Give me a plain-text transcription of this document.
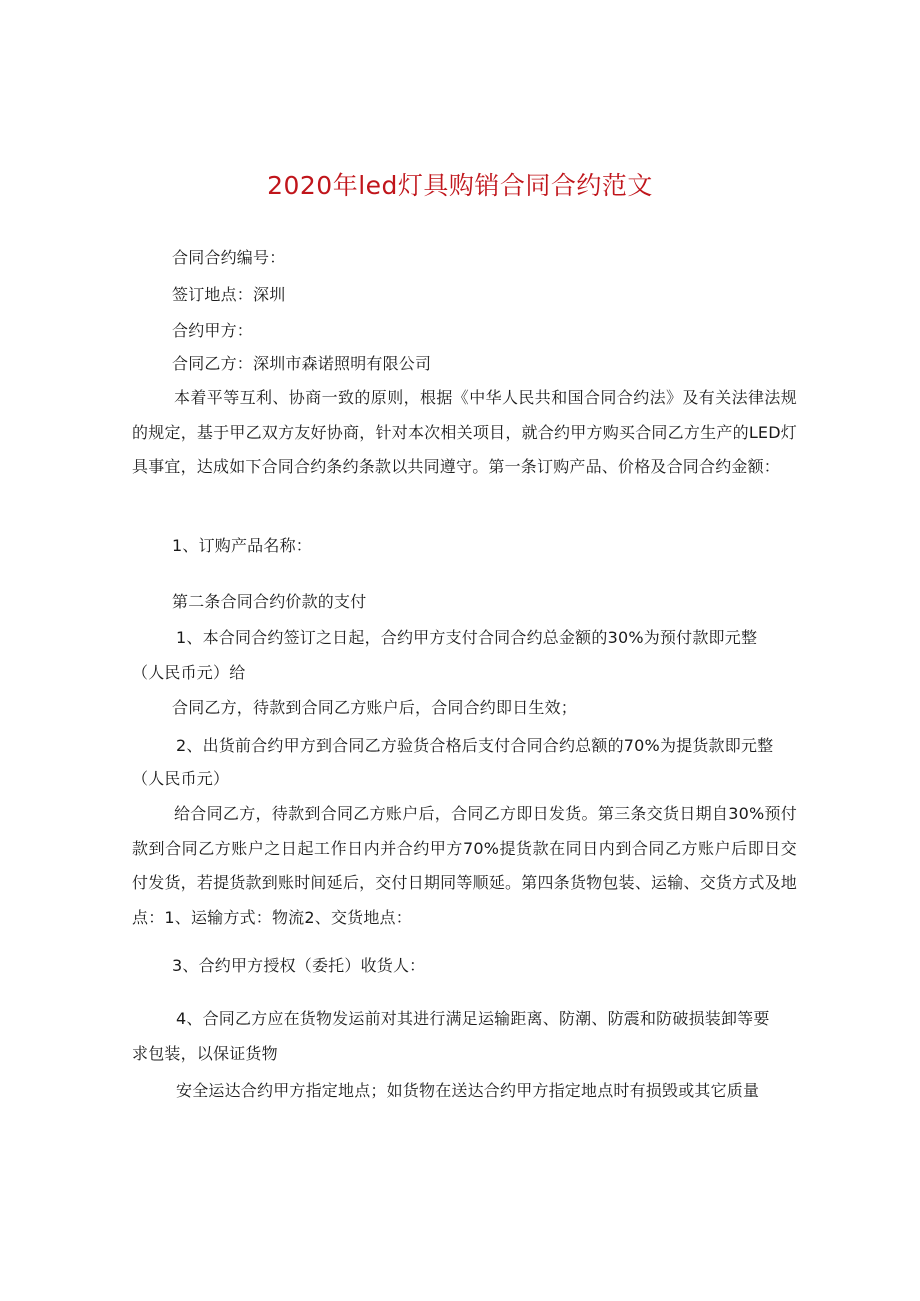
2020年led灯具购销合同合约范文
合同合约编号：
签订地点：深圳
合约甲方：
合同乙方：深圳市森诺照明有限公司
本着平等互利、协商一致的原则，根据《中华人民共和国合同合约法》及有关法律法规的规定，基于甲乙双方友好协商，针对本次相关项目，就合约甲方购买合同乙方生产的LED灯具事宜，达成如下合同合约条约条款以共同遵守。第一条订购产品、价格及合同合约金额：
1、订购产品名称：
第二条合同合约价款的支付
1、本合同合约签订之日起，合约甲方支付合同合约总金额的30%为预付款即元整
（人民币元）给
合同乙方，待款到合同乙方账户后，合同合约即日生效；
2、出货前合约甲方到合同乙方验货合格后支付合同合约总额的70%为提货款即元整
（人民币元）
给合同乙方，待款到合同乙方账户后，合同乙方即日发货。第三条交货日期自30%预付款到合同乙方账户之日起工作日内并合约甲方70%提货款在同日内到合同乙方账户后即日交付发货，若提货款到账时间延后，交付日期同等顺延。第四条货物包装、运输、交货方式及地点：1、运输方式：物流2、交货地点：
3、合约甲方授权（委托）收货人：
4、合同乙方应在货物发运前对其进行满足运输距离、防潮、防震和防破损装卸等要
求包装，以保证货物
安全运达合约甲方指定地点；如货物在送达合约甲方指定地点时有损毁或其它质量
